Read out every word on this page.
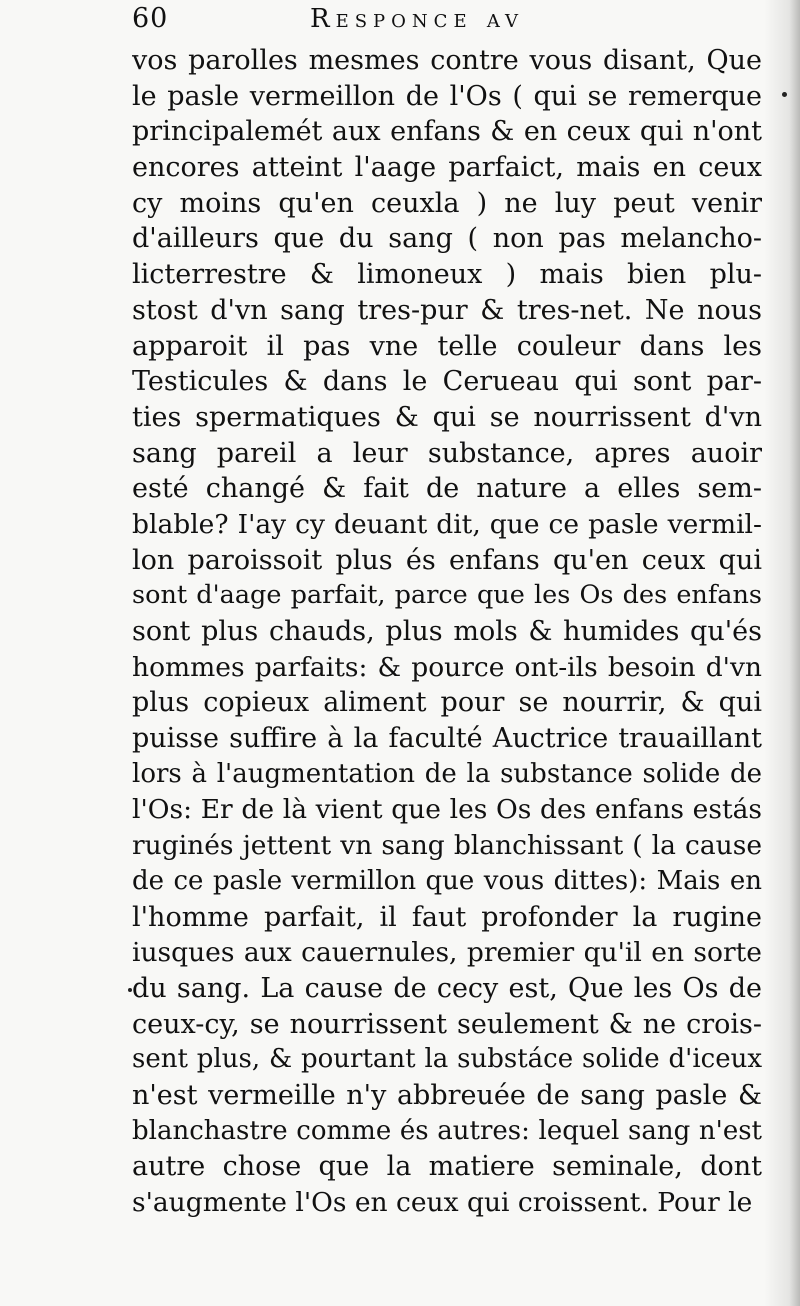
60	Responce av
vos parolles mesmes contre vous disant, Que
le pasle vermeillon de l'Os ( qui se remerque
principalemét aux enfans & en ceux qui n'ont
encores atteint l'aage parfaict, mais en ceux
cy moins qu'en ceuxla ) ne luy peut venir
d'ailleurs que du sang ( non pas melancho-
licterrestre & limoneux ) mais bien plu-
stost d'vn sang tres-pur & tres-net. Ne nous
apparoit il pas vne telle couleur dans les
Testicules & dans le Cerueau qui sont par-
ties spermatiques & qui se nourrissent d'vn
sang pareil a leur substance, apres auoir
esté changé & fait de nature a elles sem-
blable? I'ay cy deuant dit, que ce pasle vermil-
lon paroissoit plus és enfans qu'en ceux qui
sont d'aage parfait, parce que les Os des enfans
sont plus chauds, plus mols & humides qu'és
hommes parfaits: & pource ont-ils besoin d'vn
plus copieux aliment pour se nourrir, & qui
puisse suffire à la faculté Auctrice trauaillant
lors à l'augmentation de la substance solide de
l'Os: Er de là vient que les Os des enfans estás
ruginés jettent vn sang blanchissant ( la cause
de ce pasle vermillon que vous dittes): Mais en
l'homme parfait, il faut profonder la rugine
iusques aux cauernules, premier qu'il en sorte
du sang. La cause de cecy est, Que les Os de
ceux-cy, se nourrissent seulement & ne crois-
sent plus, & pourtant la substáce solide d'iceux
n'est vermeille n'y abbreuée de sang pasle &
blanchastre comme és autres: lequel sang n'est
autre chose que la matiere seminale, dont
s'augmente l'Os en ceux qui croissent. Pour le
